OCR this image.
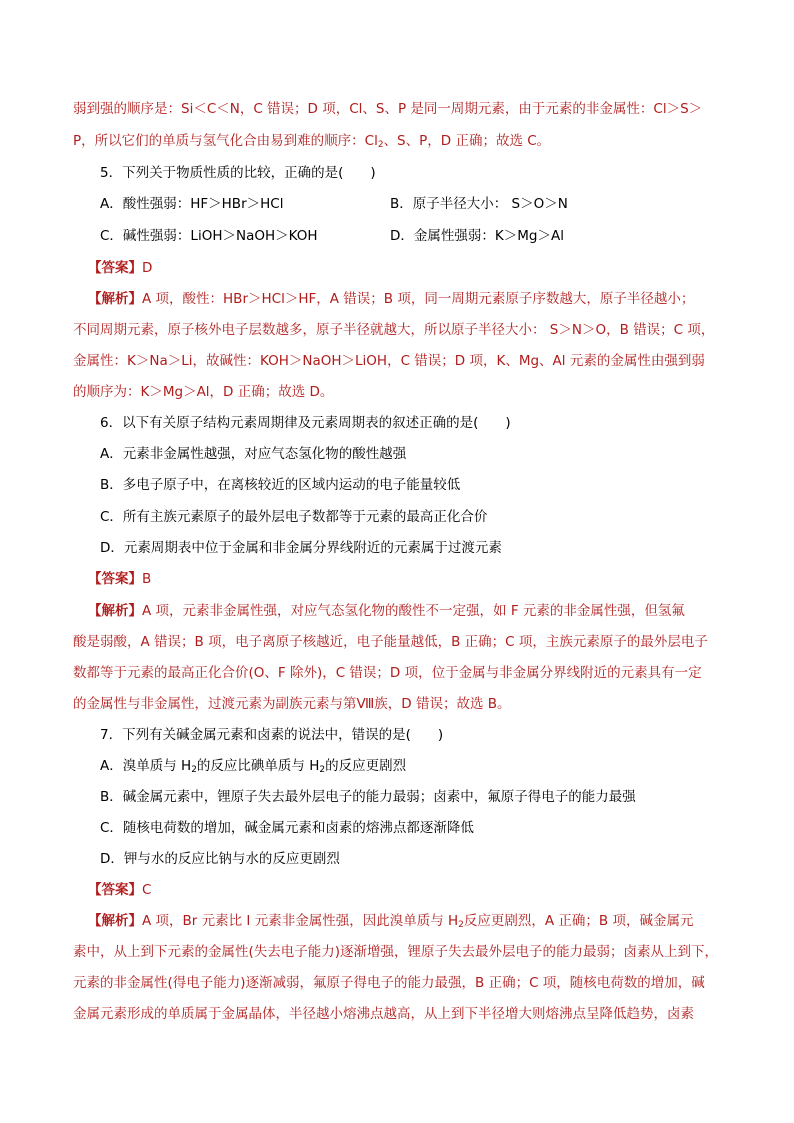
弱到强的顺序是：Si＜C＜N，C 错误；D 项，Cl、S、P 是同一周期元素，由于元素的非金属性：Cl＞S＞
P，所以它们的单质与氢气化合由易到难的顺序：$Cl_2$、S、P，D 正确；故选 C。
5．下列关于物质性质的比较，正确的是(　　)
A．酸性强弱：HF＞HBr＞HCl	B．原子半径大小： S＞O＞N
C．碱性强弱：LiOH＞NaOH＞KOH	D．金属性强弱：K＞Mg＞Al
【答案】D
【解析】A 项，酸性：HBr＞HCl＞HF，A 错误；B 项，同一周期元素原子序数越大，原子半径越小；
不同周期元素，原子核外电子层数越多，原子半径就越大，所以原子半径大小： S＞N＞O，B 错误；C 项，
金属性：K＞Na＞Li，故碱性：KOH＞NaOH＞LiOH，C 错误；D 项，K、Mg、Al 元素的金属性由强到弱
的顺序为：K＞Mg＞Al，D 正确；故选 D。
6．以下有关原子结构元素周期律及元素周期表的叙述正确的是(　　)
A．元素非金属性越强，对应气态氢化物的酸性越强
B．多电子原子中，在离核较近的区域内运动的电子能量较低
C．所有主族元素原子的最外层电子数都等于元素的最高正化合价
D．元素周期表中位于金属和非金属分界线附近的元素属于过渡元素
【答案】B
【解析】A 项，元素非金属性强，对应气态氢化物的酸性不一定强，如 F 元素的非金属性强，但氢氟
酸是弱酸，A 错误；B 项，电子离原子核越近，电子能量越低，B 正确；C 项，主族元素原子的最外层电子
数都等于元素的最高正化合价(O、F 除外)，C 错误；D 项，位于金属与非金属分界线附近的元素具有一定
的金属性与非金属性，过渡元素为副族元素与第Ⅷ族，D 错误；故选 B。
7．下列有关碱金属元素和卤素的说法中，错误的是(　　)
A．溴单质与 $H_2$的反应比碘单质与 $H_2$的反应更剧烈
B．碱金属元素中，锂原子失去最外层电子的能力最弱；卤素中，氟原子得电子的能力最强
C．随核电荷数的增加，碱金属元素和卤素的熔沸点都逐渐降低
D．钾与水的反应比钠与水的反应更剧烈
【答案】C
【解析】A 项，Br 元素比 I 元素非金属性强，因此溴单质与 $H_2$反应更剧烈，A 正确；B 项，碱金属元
素中，从上到下元素的金属性(失去电子能力)逐渐增强，锂原子失去最外层电子的能力最弱；卤素从上到下，
元素的非金属性(得电子能力)逐渐减弱，氟原子得电子的能力最强，B 正确；C 项，随核电荷数的增加，碱
金属元素形成的单质属于金属晶体，半径越小熔沸点越高，从上到下半径增大则熔沸点呈降低趋势，卤素
